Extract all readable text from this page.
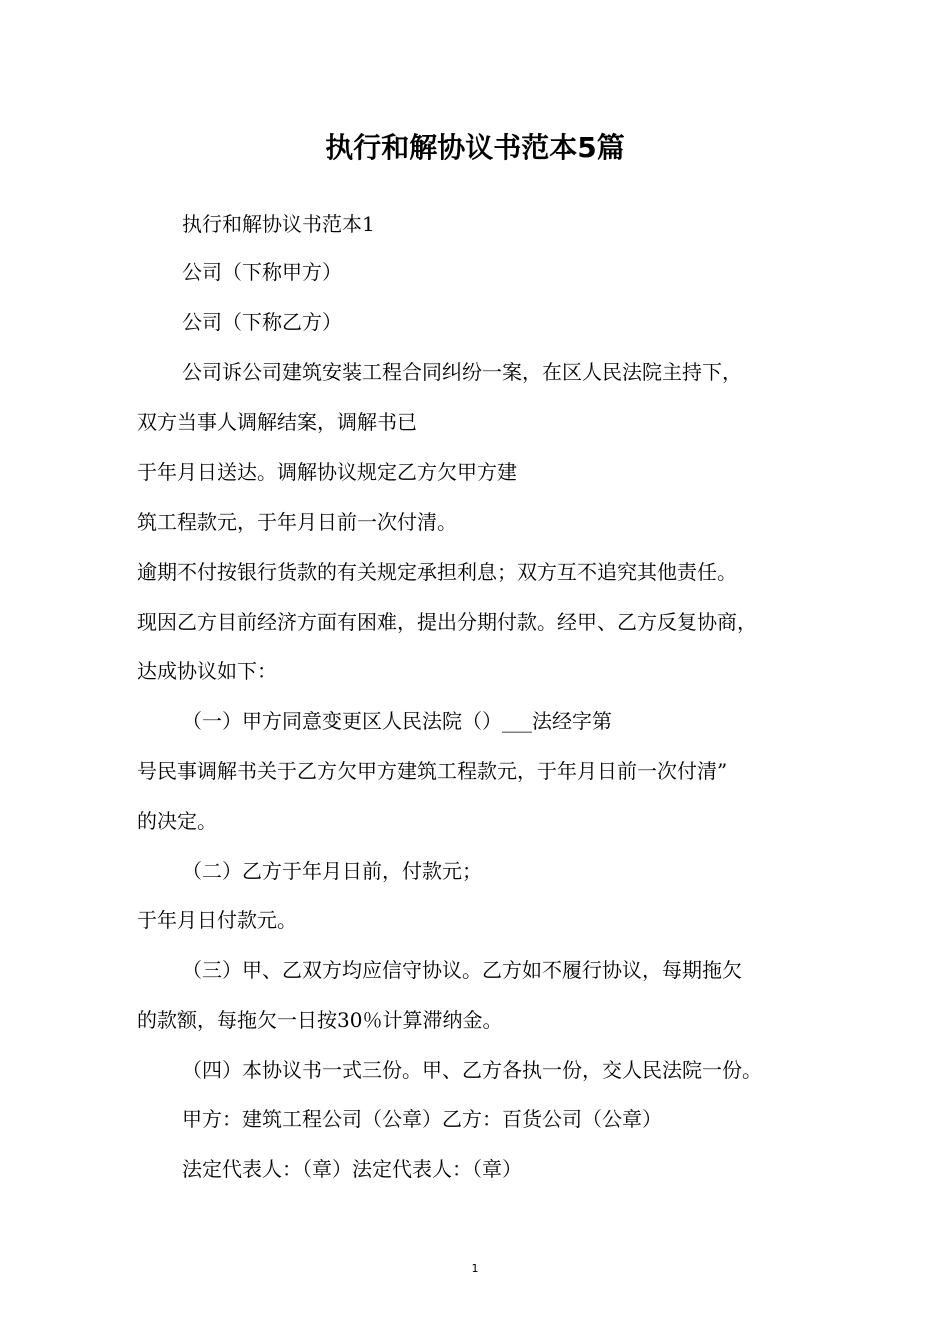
执行和解协议书范本5篇
执行和解协议书范本1
公司（下称甲方）
公司（下称乙方）
公司诉公司建筑安装工程合同纠纷一案，在区人民法院主持下，
双方当事人调解结案，调解书已
于年月日送达。调解协议规定乙方欠甲方建
筑工程款元，于年月日前一次付清。
逾期不付按银行货款的有关规定承担利息；双方互不追究其他责任。
现因乙方目前经济方面有困难，提出分期付款。经甲、乙方反复协商，
达成协议如下：
（一）甲方同意变更区人民法院（）___法经字第
号民事调解书关于乙方欠甲方建筑工程款元，于年月日前一次付清”
的决定。
（二）乙方于年月日前，付款元；
于年月日付款元。
（三）甲、乙双方均应信守协议。乙方如不履行协议，每期拖欠
的款额，每拖欠一日按30％计算滞纳金。
（四）本协议书一式三份。甲、乙方各执一份，交人民法院一份。
甲方：建筑工程公司（公章）乙方：百货公司（公章）
法定代表人：（章）法定代表人：（章）
1
